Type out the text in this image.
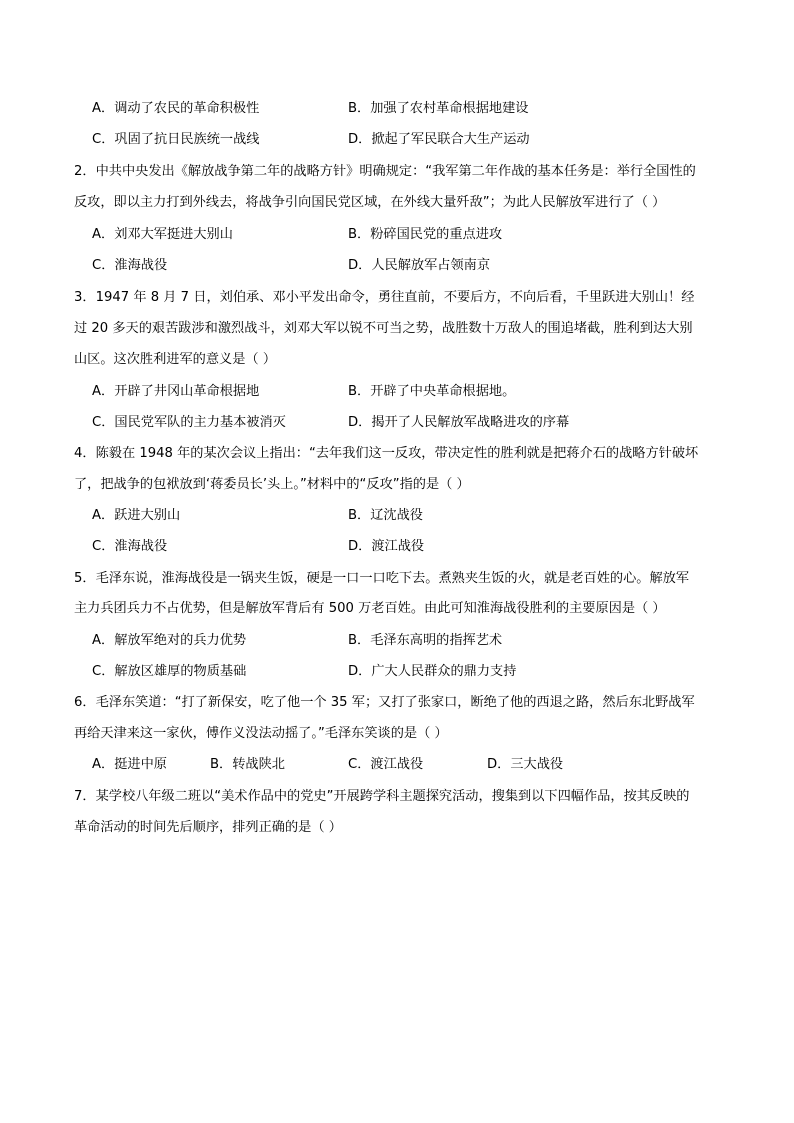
A．调动了农民的革命积极性	B．加强了农村革命根据地建设
C．巩固了抗日民族统一战线	D．掀起了军民联合大生产运动
2．中共中央发出《解放战争第二年的战略方针》明确规定：“我军第二年作战的基本任务是：举行全国性的
反攻，即以主力打到外线去，将战争引向国民党区域，在外线大量歼敌”；为此人民解放军进行了（ ）
A．刘邓大军挺进大别山	B．粉碎国民党的重点进攻
C．淮海战役	D．人民解放军占领南京
3．1947 年 8 月 7 日，刘伯承、邓小平发出命令，勇往直前，不要后方，不向后看，千里跃进大别山！经
过 20 多天的艰苦跋涉和激烈战斗，刘邓大军以锐不可当之势，战胜数十万敌人的围追堵截，胜利到达大别
山区。这次胜利进军的意义是（ ）
A．开辟了井冈山革命根据地	B．开辟了中央革命根据地。
C．国民党军队的主力基本被消灭	D．揭开了人民解放军战略进攻的序幕
4．陈毅在 1948 年的某次会议上指出：“去年我们这一反攻，带决定性的胜利就是把蒋介石的战略方针破坏
了，把战争的包袱放到‘蒋委员长’头上。”材料中的“反攻”指的是（ ）
A．跃进大别山	B．辽沈战役
C．淮海战役	D．渡江战役
5．毛泽东说，淮海战役是一锅夹生饭，硬是一口一口吃下去。煮熟夹生饭的火，就是老百姓的心。解放军
主力兵团兵力不占优势，但是解放军背后有 500 万老百姓。由此可知淮海战役胜利的主要原因是（ ）
A．解放军绝对的兵力优势	B．毛泽东高明的指挥艺术
C．解放区雄厚的物质基础	D．广大人民群众的鼎力支持
6．毛泽东笑道：“打了新保安，吃了他一个 35 军；又打了张家口，断绝了他的西退之路，然后东北野战军
再给天津来这一家伙，傅作义没法动摇了。”毛泽东笑谈的是（ ）
A．挺进中原	B．转战陕北	C．渡江战役	D．三大战役
7．某学校八年级二班以“美术作品中的党史”开展跨学科主题探究活动，搜集到以下四幅作品，按其反映的
革命活动的时间先后顺序，排列正确的是（ ）
